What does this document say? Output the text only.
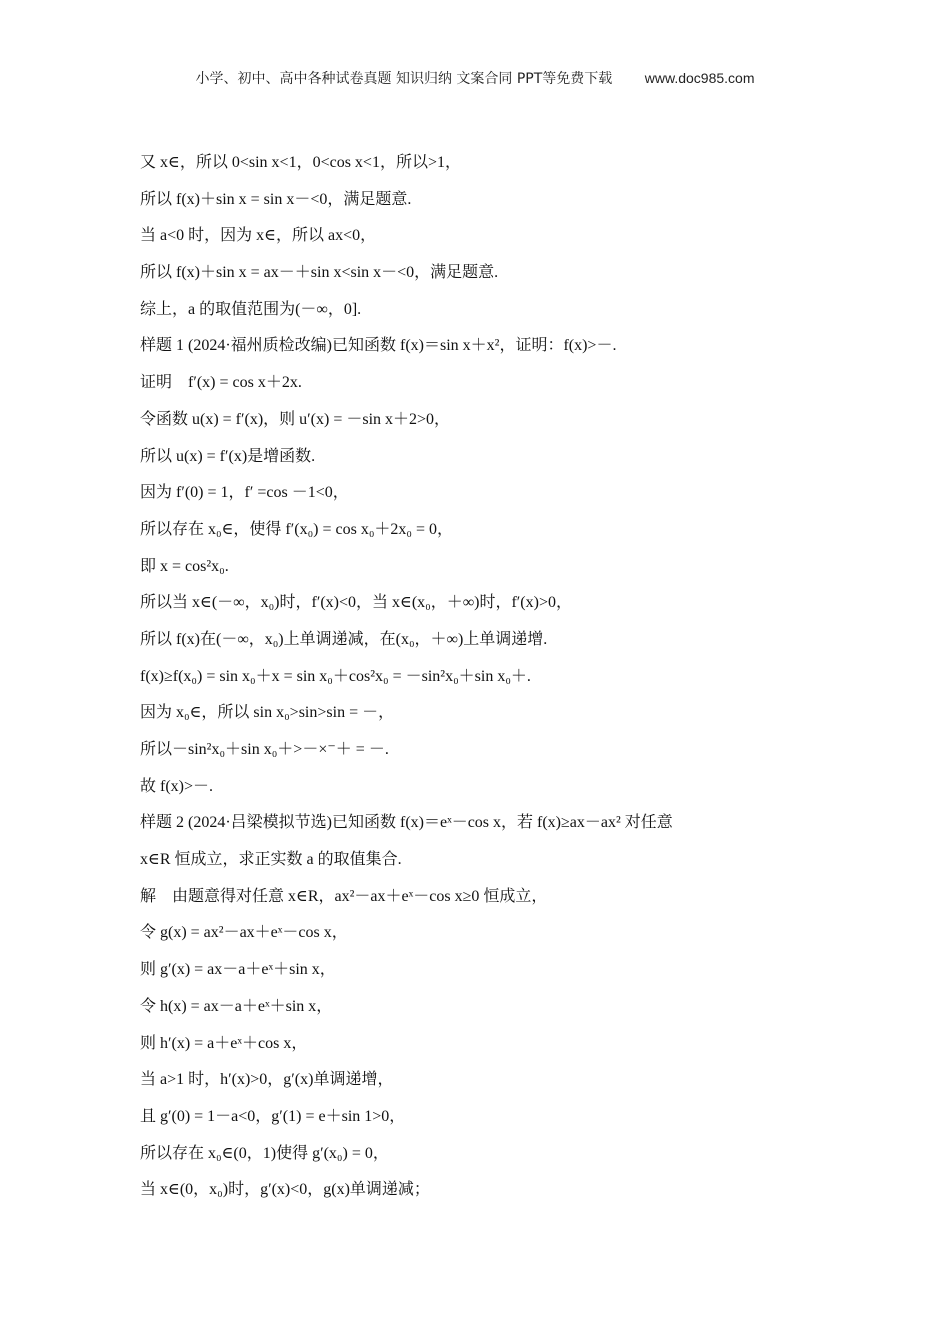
小学、初中、高中各种试卷真题 知识归纳 文案合同 PPT等免费下载 www.doc985.com
又 x∈，所以 0<sin x<1，0<cos x<1，所以>1，
所以 f(x)＋sin x = sin x－<0，满足题意.
当 a<0 时，因为 x∈，所以 ax<0，
所以 f(x)＋sin x = ax－＋sin x<sin x－<0，满足题意.
综上，a 的取值范围为(－∞，0].
样题 1 (2024·福州质检改编)已知函数 f(x)＝sin x＋x²，证明：f(x)>－.
证明　f′(x) = cos x＋2x.
令函数 u(x) = f′(x)，则 u′(x) = －sin x＋2>0，
所以 u(x) = f′(x)是增函数.
因为 f′(0) = 1，f′ =cos －1<0，
所以存在 x₀∈，使得 f′(x₀) = cos x₀＋2x₀ = 0，
即 x = cos²x₀.
所以当 x∈(－∞，x₀)时，f′(x)<0，当 x∈(x₀，＋∞)时，f′(x)>0，
所以 f(x)在(－∞，x₀)上单调递减，在(x₀，＋∞)上单调递增.
f(x)≥f(x₀) = sin x₀＋x = sin x₀＋cos²x₀ = －sin²x₀＋sin x₀＋.
因为 x₀∈，所以 sin x₀>sin>sin = －，
所以－sin²x₀＋sin x₀＋>－×⁻＋ = －.
故 f(x)>－.
样题 2 (2024·吕梁模拟节选)已知函数 f(x)＝eˣ－cos x，若 f(x)≥ax－ax² 对任意
x∈R 恒成立，求正实数 a 的取值集合.
解　由题意得对任意 x∈R，ax²－ax＋eˣ－cos x≥0 恒成立，
令 g(x) = ax²－ax＋eˣ－cos x，
则 g′(x) = ax－a＋eˣ＋sin x，
令 h(x) = ax－a＋eˣ＋sin x，
则 h′(x) = a＋eˣ＋cos x，
当 a>1 时，h′(x)>0，g′(x)单调递增，
且 g′(0) = 1－a<0，g′(1) = e＋sin 1>0，
所以存在 x₀∈(0，1)使得 g′(x₀) = 0，
当 x∈(0，x₀)时，g′(x)<0，g(x)单调递减；
